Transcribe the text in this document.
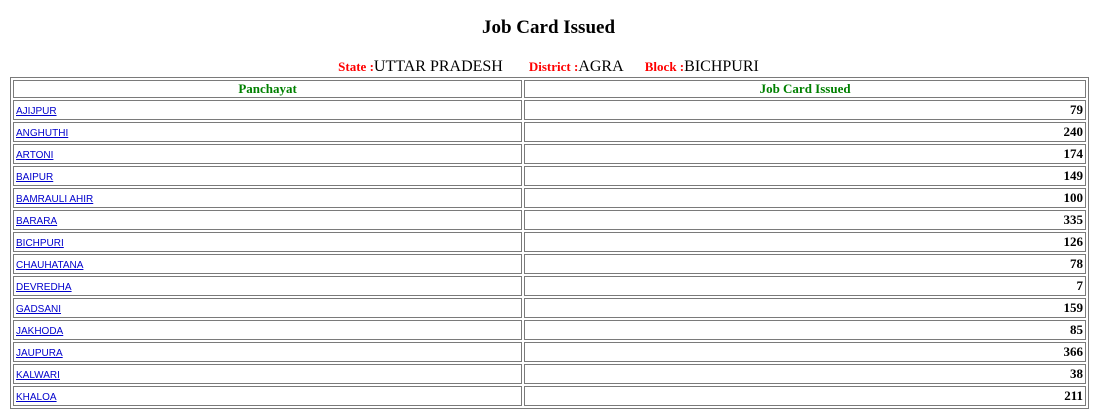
Job Card Issued
State :UTTAR PRADESH District :AGRA Block :BICHPURI
Panchayat	Job Card Issued
AJIJPUR	79
ANGHUTHI	240
ARTONI	174
BAIPUR	149
BAMRAULI AHIR	100
BARARA	335
BICHPURI	126
CHAUHATANA	78
DEVREDHA	7
GADSANI	159
JAKHODA	85
JAUPURA	366
KALWARI	38
KHALOA	211
